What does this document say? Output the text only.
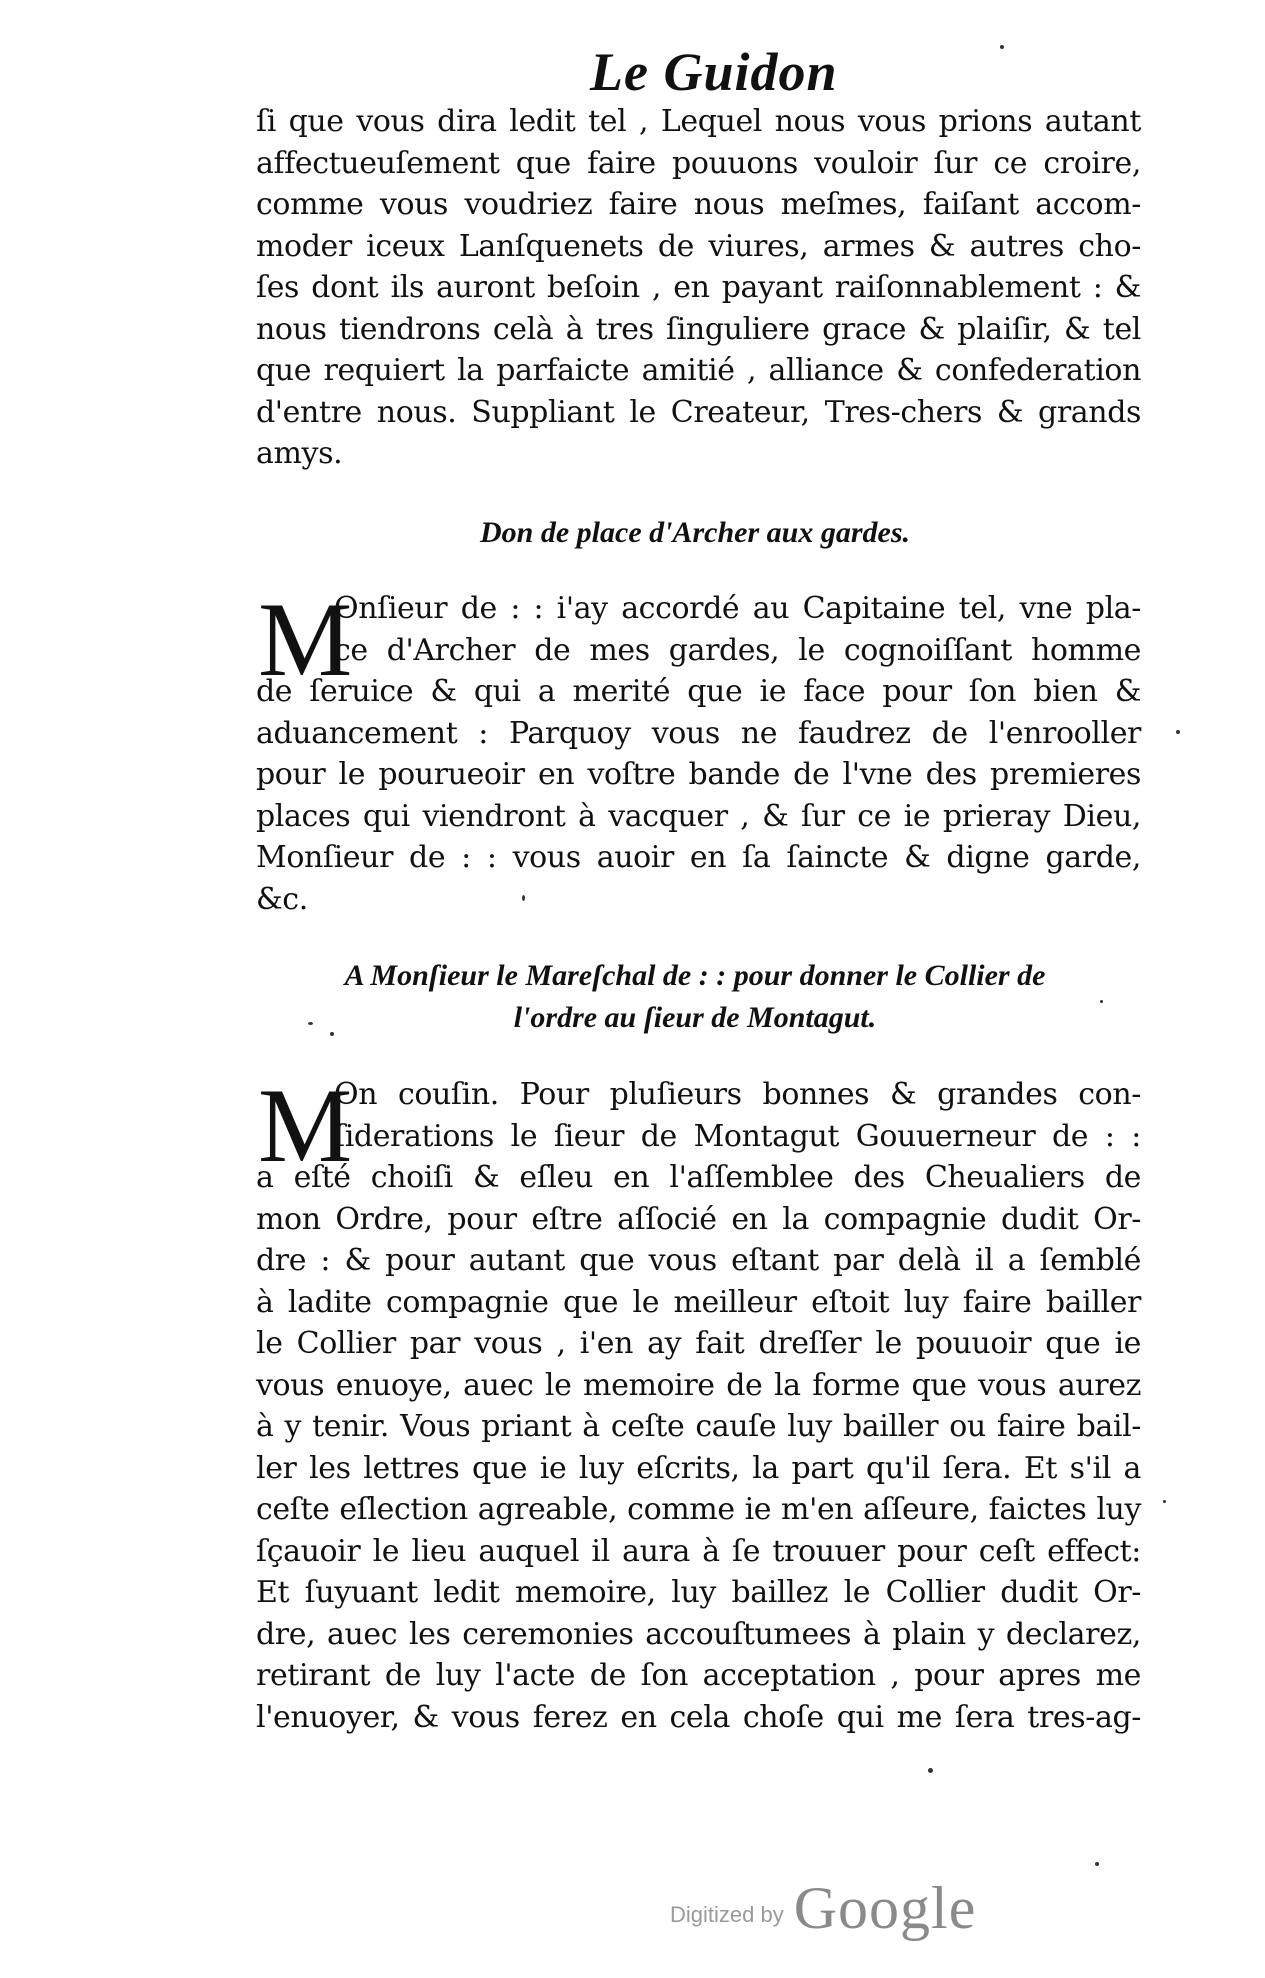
Le Guidon
ſi que vous dira ledit tel , Lequel nous vous prions autant
affectueuſement que faire pouuons vouloir ſur ce croire,
comme vous voudriez faire nous meſmes, faiſant accom-
moder iceux Lanſquenets de viures, armes & autres cho-
ſes dont ils auront beſoin , en payant raiſonnablement : &
nous tiendrons celà à tres ſinguliere grace & plaiſir, & tel
que requiert la parfaicte amitié , alliance & confederation
d'entre nous. Suppliant le Createur, Tres-chers & grands
amys.
Don de place d'Archer aux gardes.
M
Onſieur de : : i'ay accordé au Capitaine tel, vne pla-
ce d'Archer de mes gardes, le cognoiſſant homme
de ſeruice & qui a merité que ie face pour ſon bien &
aduancement : Parquoy vous ne faudrez de l'enrooller
pour le pourueoir en voſtre bande de l'vne des premieres
places qui viendront à vacquer , & ſur ce ie prieray Dieu,
Monſieur de : : vous auoir en ſa ſaincte & digne garde,
&c.
A Monſieur le Mareſchal de : : pour donner le Collier de
l'ordre au ſieur de Montagut.
M
On couſin. Pour pluſieurs bonnes & grandes con-
ſiderations le ſieur de Montagut Gouuerneur de : :
a eſté choiſi & eſleu en l'aſſemblee des Cheualiers de
mon Ordre, pour eſtre aſſocié en la compagnie dudit Or-
dre : & pour autant que vous eſtant par delà il a ſemblé
à ladite compagnie que le meilleur eſtoit luy faire bailler
le Collier par vous , i'en ay fait dreſſer le pouuoir que ie
vous enuoye, auec le memoire de la forme que vous aurez
à y tenir. Vous priant à ceſte cauſe luy bailler ou faire bail-
ler les lettres que ie luy eſcrits, la part qu'il ſera. Et s'il a
ceſte eſlection agreable, comme ie m'en aſſeure, faictes luy
ſçauoir le lieu auquel il aura à ſe trouuer pour ceſt effect:
Et ſuyuant ledit memoire, luy baillez le Collier dudit Or-
dre, auec les ceremonies accouſtumees à plain y declarez,
retirant de luy l'acte de ſon acceptation , pour apres me
l'enuoyer, & vous ferez en cela choſe qui me ſera tres-ag-
Digitized by Google
